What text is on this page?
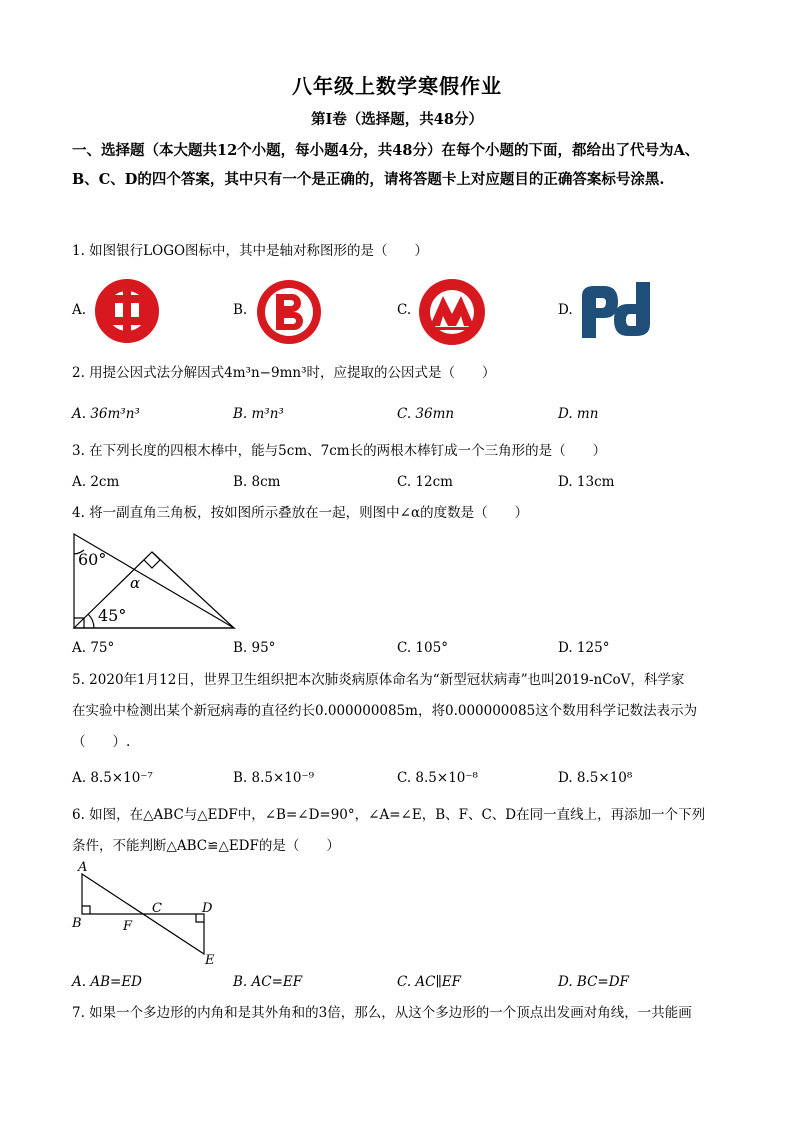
八年级上数学寒假作业
第Ⅰ卷（选择题，共48分）
一、选择题（本大题共12个小题，每小题4分，共48分）在每个小题的下面，都给出了代号为A、B、C、D的四个答案，其中只有一个是正确的，请将答题卡上对应题目的正确答案标号涂黑.
1. 如图银行LOGO图标中，其中是轴对称图形的是（　　）
A.	B.	C.	D.
2. 用提公因式法分解因式4m³n−9mn³时，应提取的公因式是（　　）
A. 36m³n³	B. m³n³	C. 36mn	D. mn
3. 在下列长度的四根木棒中，能与5cm、7cm长的两根木棒钉成一个三角形的是（　　）
A. 2cm	B. 8cm	C. 12cm	D. 13cm
4. 将一副直角三角板，按如图所示叠放在一起，则图中∠α的度数是（　　）
60°
α
45°
A. 75°	B. 95°	C. 105°	D. 125°
5. 2020年1月12日，世界卫生组织把本次肺炎病原体命名为“新型冠状病毒”也叫2019-nCoV，科学家
在实验中检测出某个新冠病毒的直径约长0.000000085m，将0.000000085这个数用科学记数法表示为
（　　）.
A. 8.5×10⁻⁷	B. 8.5×10⁻⁹	C. 8.5×10⁻⁸	D. 8.5×10⁸
6. 如图，在△ABC与△EDF中，∠B=∠D=90°，∠A=∠E，B、F、C、D在同一直线上，再添加一个下列
条件，不能判断△ABC≌△EDF的是（　　）
A
B
C	D
F
E
A. AB=ED	B. AC=EF	C. AC∥EF	D. BC=DF
7. 如果一个多边形的内角和是其外角和的3倍，那么，从这个多边形的一个顶点出发画对角线，一共能画
